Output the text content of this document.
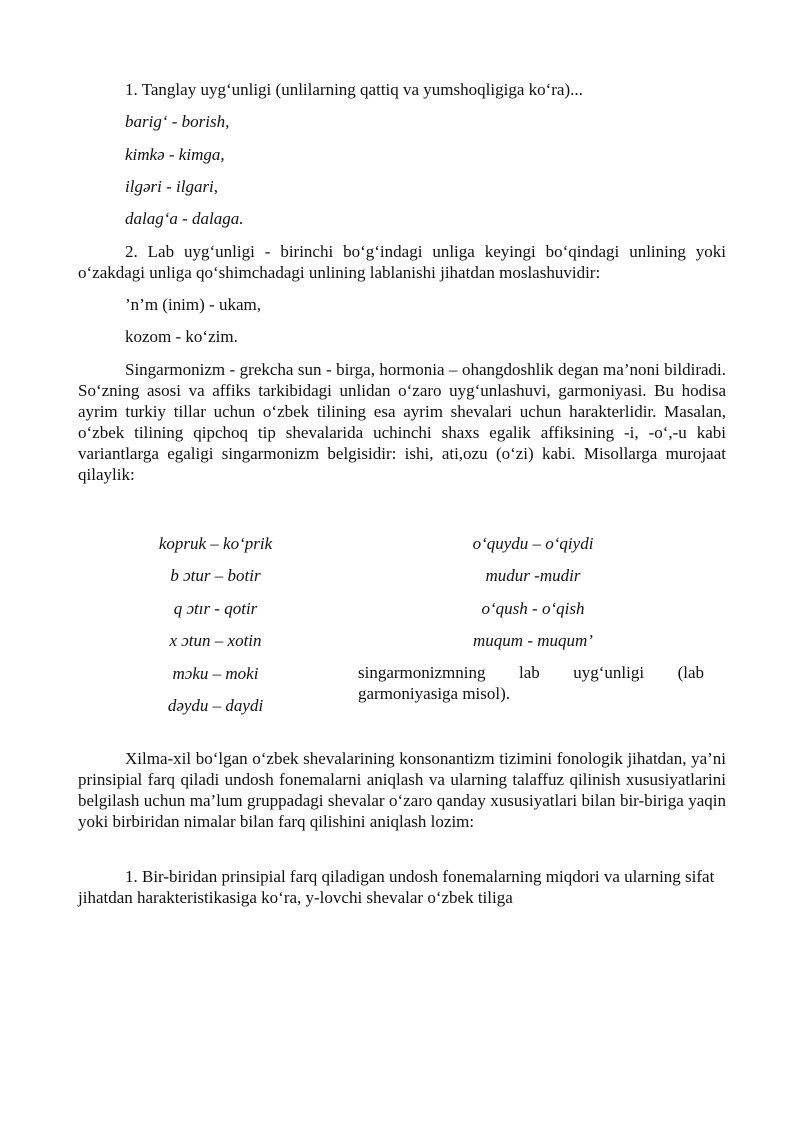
1. Tanglay uyg‘unligi (unlilarning qattiq va yumshoqligiga ko‘ra)...

barig‘ - borish,

kimkə - kimga,

ilgəri - ilgari,

dalag‘a - dalaga.

2. Lab uyg‘unligi - birinchi bo‘g‘indagi unliga keyingi bo‘qindagi unlining yoki o‘zakdagi unliga qo‘shimchadagi unlining lablanishi jihatdan moslashuvidir:

’n’m (inim) - ukam,

kozom - ko‘zim.

Singarmonizm - grekcha sun - birga, hormonia – ohangdoshlik degan ma’noni bildiradi. So‘zning asosi va affiks tarkibidagi unlidan o‘zaro uyg‘unlashuvi, garmoniyasi. Bu hodisa ayrim turkiy tillar uchun o‘zbek tilining esa ayrim shevalari uchun harakterlidir. Masalan, o‘zbek tilining qipchoq tip shevalarida uchinchi shaxs egalik affiksining -i, -o‘,-u kabi variantlarga egaligi singarmonizm belgisidir: ishi, ati,ozu (o‘zi) kabi. Misollarga murojaat qilaylik:

kopruk – ko‘prik

b ɔtur – botir

q ɔtır - qotir

x ɔtun – xotin

mɔku – moki

dəydu – daydi

o‘quydu – o‘qiydi

mudur -mudir

o‘qush - o‘qish

muqum - muqum’

singarmonizmning lab uyg‘unligi (lab garmoniyasiga misol).

Xilma-xil bo‘lgan o‘zbek shevalarining konsonantizm tizimini fonologik jihatdan, ya’ni prinsipial farq qiladi undosh fonemalarni aniqlash va ularning talaffuz qilinish xususiyatlarini belgilash uchun ma’lum gruppadagi shevalar o‘zaro qanday xususiyatlari bilan bir-biriga yaqin yoki birbiridan nimalar bilan farq qilishini aniqlash lozim:

1. Bir-biridan prinsipial farq qiladigan undosh fonemalarning miqdori va ularning sifat jihatdan harakteristikasiga ko‘ra, y-lovchi shevalar o‘zbek tiliga
